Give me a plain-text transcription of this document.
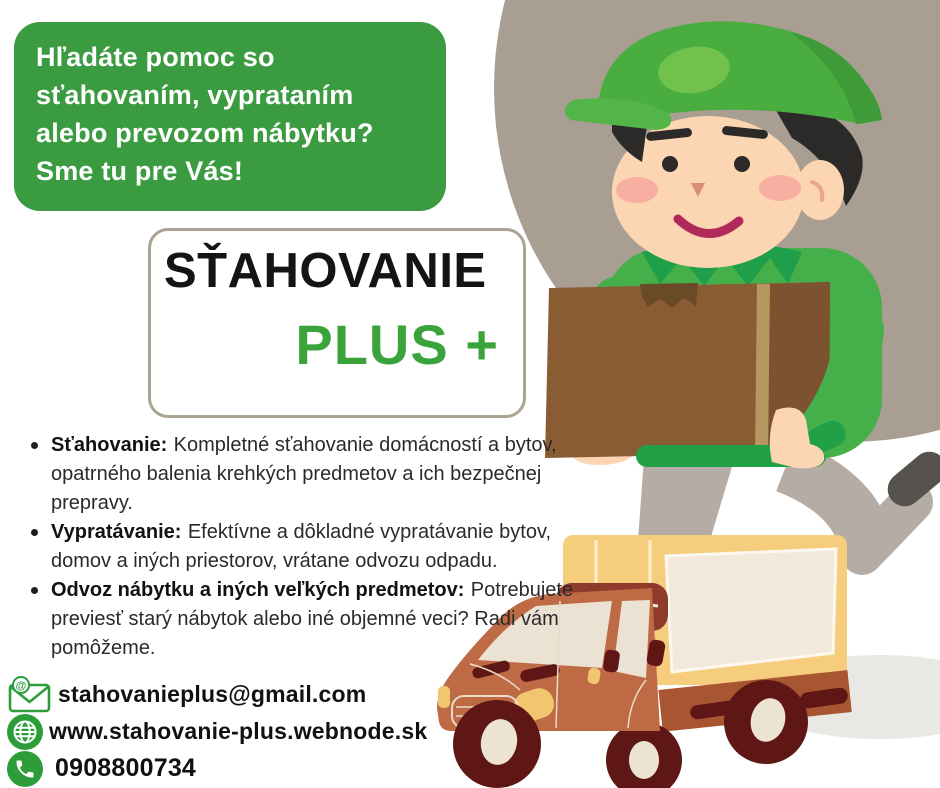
Hľadáte pomoc so
sťahovaním, vyprataním
alebo prevozom nábytku?
Sme tu pre Vás!
SŤAHOVANIE
PLUS +

Sťahovanie: Kompletné sťahovanie domácností a bytov, opatrného balenia krehkých predmetov a ich bezpečnej prepravy.

Vypratávanie: Efektívne a dôkladné vypratávanie bytov, domov a iných priestorov, vrátane odvozu odpadu.

Odvoz nábytku a iných veľkých predmetov: Potrebujete previesť starý nábytok alebo iné objemné veci? Radi vám pomôžeme.

@ stahovanieplus@gmail.com
www.stahovanie-plus.webnode.sk
0908800734
